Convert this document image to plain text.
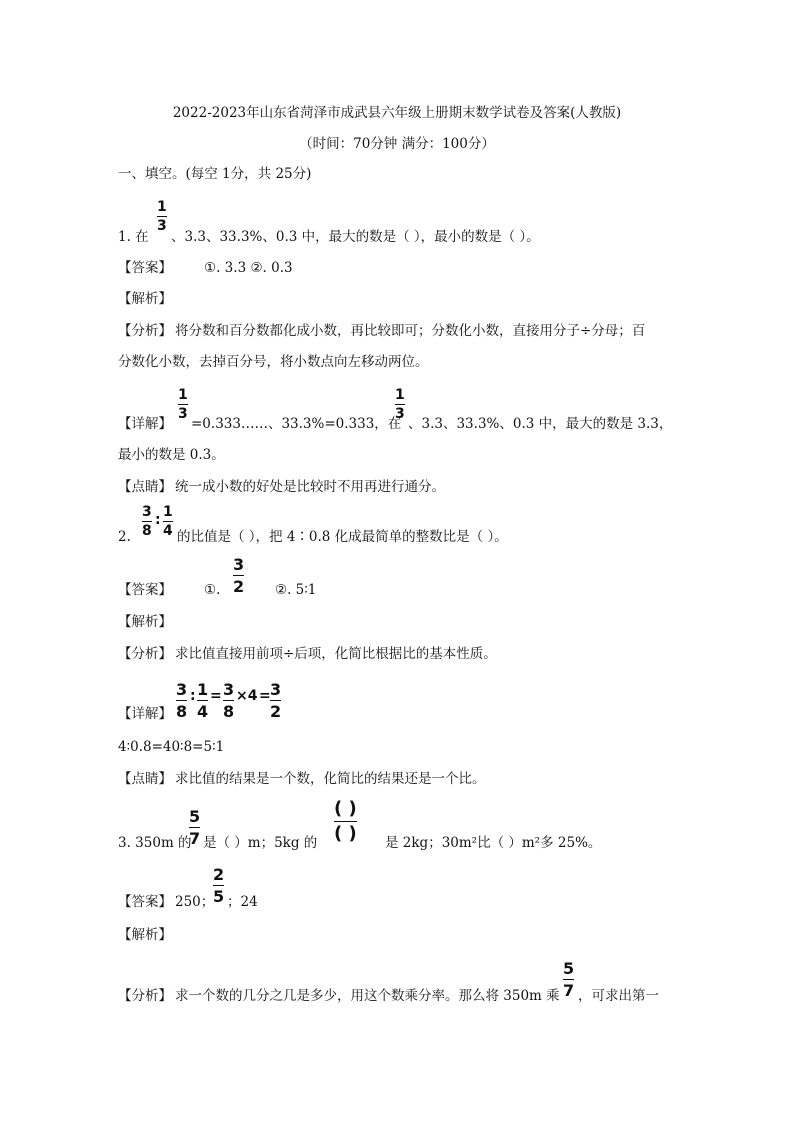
2022-2023年山东省菏泽市成武县六年级上册期末数学试卷及答案(人教版)
（时间：70分钟 满分：100分）
一、填空。(每空 1分，共 25分)
1
3
1. 在 、3.3、33.3%、0.3 中，最大的数是（ ），最小的数是（ ）。
【答案】 ①. 3.3 ②. 0.3
【解析】
【分析】 将分数和百分数都化成小数，再比较即可；分数化小数，直接用分子÷分母；百
分数化小数，去掉百分号，将小数点向左移动两位。
1
3
【详解】 =0.333……、33.3%=0.333，在
1
3
、3.3、33.3%、0.3 中，最大的数是 3.3，
最小的数是 0.3。
【点睛】 统一成小数的好处是比较时不用再进行通分。
2.
3
8
: 1
4 的比值是（ ），把 4∶0.8 化成最简单的整数比是（ ）。
【答案】 ①.
3
2 ②. 5∶1
【解析】
【分析】 求比值直接用前项÷后项，化简比根据比的基本性质。
3
8
: 1
4
= 3
8
×4 = 3
2
【详解】
4∶0.8=40∶8=5∶1
【点睛】 求比值的结果是一个数，化简比的结果还是一个比。
3. 350m 的
5
7 是（ ）m；5kg 的
( )
( ) 是 2kg；30m²比（ ）m²多 25%。
【答案】 250；
2
5 ；24
【解析】
【分析】 求一个数的几分之几是多少，用这个数乘分率。那么将 350m 乘
5
7 ，可求出第一
